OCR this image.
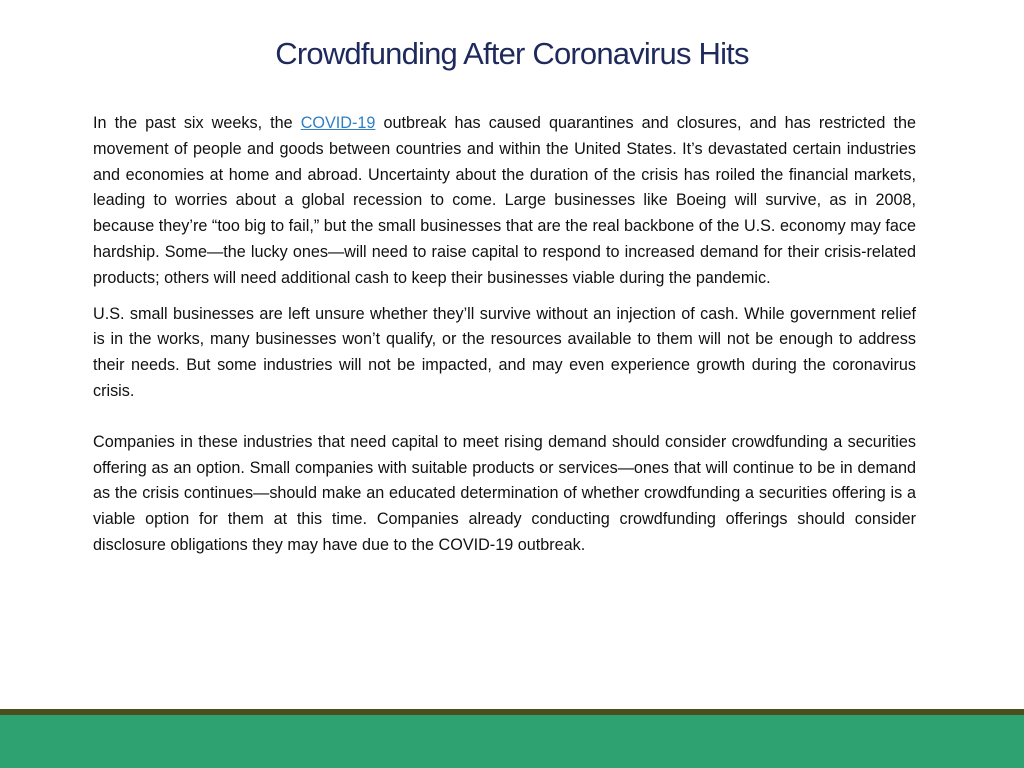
Crowdfunding After Coronavirus Hits

In the past six weeks, the COVID-19 outbreak has caused quarantines and closures, and has restricted the movement of people and goods between countries and within the United States. It’s devastated certain industries and economies at home and abroad. Uncertainty about the duration of the crisis has roiled the financial markets, leading to worries about a global recession to come. Large businesses like Boeing will survive, as in 2008, because they’re “too big to fail,” but the small businesses that are the real backbone of the U.S. economy may face hardship. Some—the lucky ones—will need to raise capital to respond to increased demand for their crisis-related products; others will need additional cash to keep their businesses viable during the pandemic.

U.S. small businesses are left unsure whether they’ll survive without an injection of cash. While government relief is in the works, many businesses won’t qualify, or the resources available to them will not be enough to address their needs. But some industries will not be impacted, and may even experience growth during the coronavirus crisis.

Companies in these industries that need capital to meet rising demand should consider crowdfunding a securities offering as an option. Small companies with suitable products or services—ones that will continue to be in demand as the crisis continues—should make an educated determination of whether crowdfunding a securities offering is a viable option for them at this time. Companies already conducting crowdfunding offerings should consider disclosure obligations they may have due to the COVID-19 outbreak.
